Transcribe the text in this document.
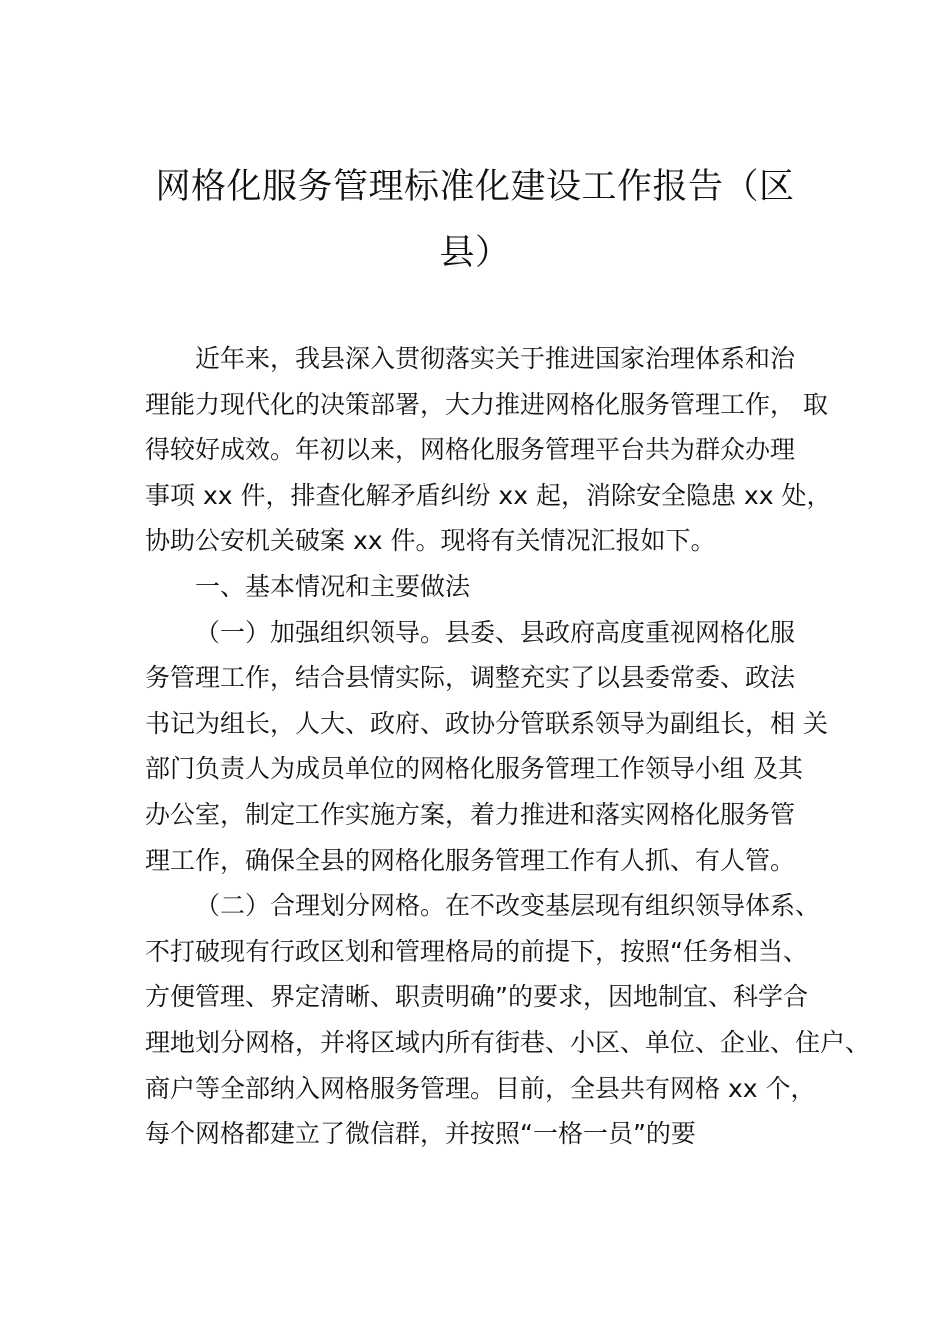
网格化服务管理标准化建设工作报告（区
县）
近年来，我县深入贯彻落实关于推进国家治理体系和治
理能力现代化的决策部署，大力推进网格化服务管理工作， 取
得较好成效。年初以来，网格化服务管理平台共为群众办理
事项 xx 件，排查化解矛盾纠纷 xx 起，消除安全隐患 xx 处，
协助公安机关破案 xx 件。现将有关情况汇报如下。
一、基本情况和主要做法
（一）加强组织领导。县委、县政府高度重视网格化服
务管理工作，结合县情实际，调整充实了以县委常委、政法
书记为组长，人大、政府、政协分管联系领导为副组长，相 关
部门负责人为成员单位的网格化服务管理工作领导小组 及其
办公室，制定工作实施方案，着力推进和落实网格化服务管
理工作，确保全县的网格化服务管理工作有人抓、有人管。
（二）合理划分网格。在不改变基层现有组织领导体系、
不打破现有行政区划和管理格局的前提下，按照“任务相当、
方便管理、界定清晰、职责明确”的要求，因地制宜、科学合
理地划分网格，并将区域内所有街巷、小区、单位、企业、住户、
商户等全部纳入网格服务管理。目前，全县共有网格 xx 个，
每个网格都建立了微信群，并按照“一格一员”的要
